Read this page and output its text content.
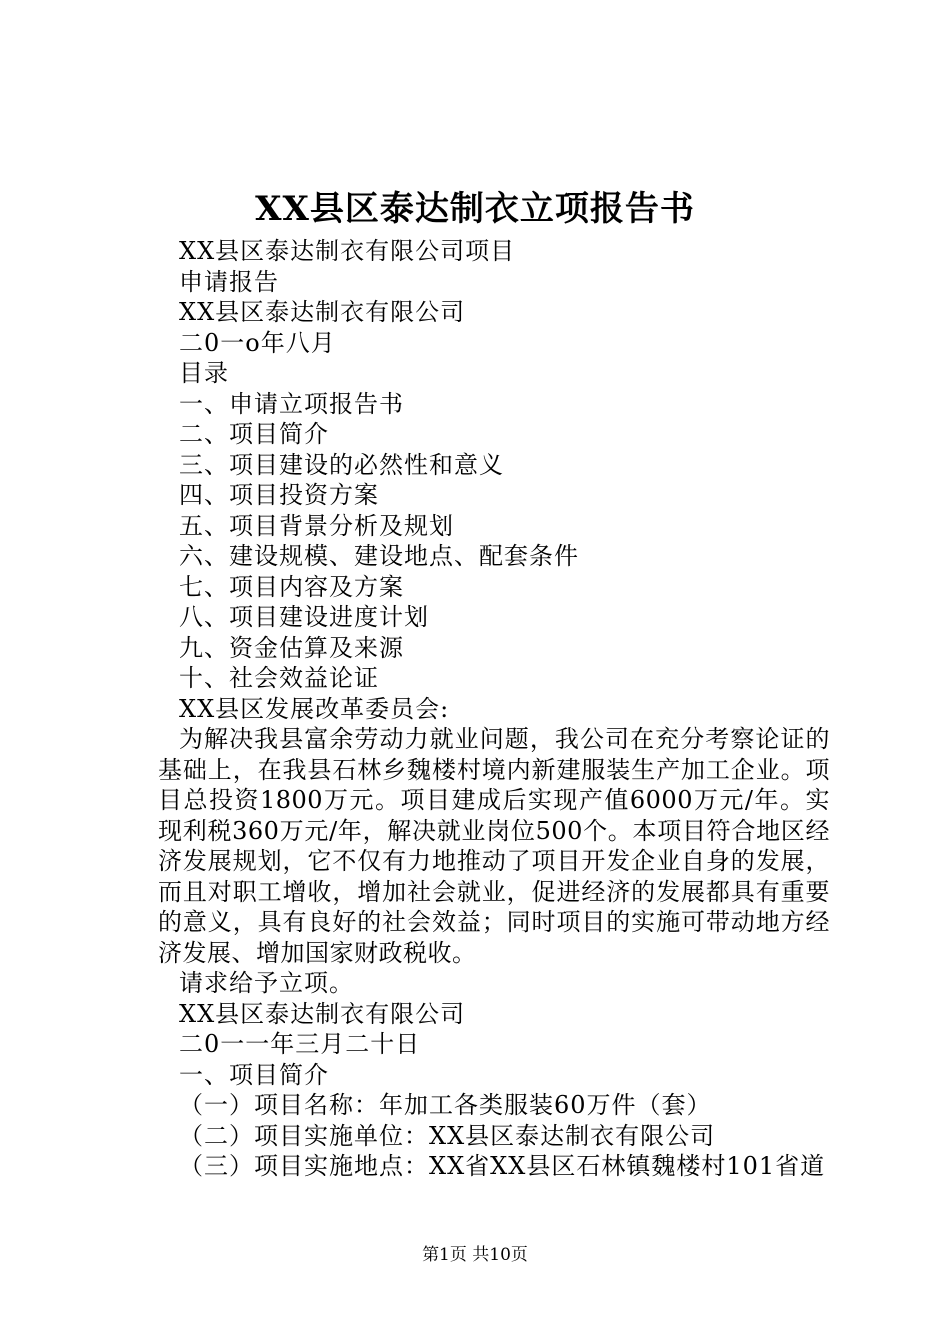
XX县区泰达制衣立项报告书
XX县区泰达制衣有限公司项目
申请报告
XX县区泰达制衣有限公司
二0一o年八月
目录
一、申请立项报告书
二、项目简介
三、项目建设的必然性和意义
四、项目投资方案
五、项目背景分析及规划
六、建设规模、建设地点、配套条件
七、项目内容及方案
八、项目建设进度计划
九、资金估算及来源
十、社会效益论证
XX县区发展改革委员会:
为解决我县富余劳动力就业问题，我公司在充分考察论证的基础上，在我县石林乡魏楼村境内新建服装生产加工企业。项目总投资1800万元。项目建成后实现产值6000万元/年。实现利税360万元/年，解决就业岗位500个。本项目符合地区经济发展规划，它不仅有力地推动了项目开发企业自身的发展，而且对职工增收，增加社会就业，促进经济的发展都具有重要的意义，具有良好的社会效益；同时项目的实施可带动地方经济发展、增加国家财政税收。
请求给予立项。
XX县区泰达制衣有限公司
二0一一年三月二十日
一、项目简介
（一）项目名称：年加工各类服装60万件（套）
（二）项目实施单位：XX县区泰达制衣有限公司
（三）项目实施地点：XX省XX县区石林镇魏楼村101省道
第1页 共10页
